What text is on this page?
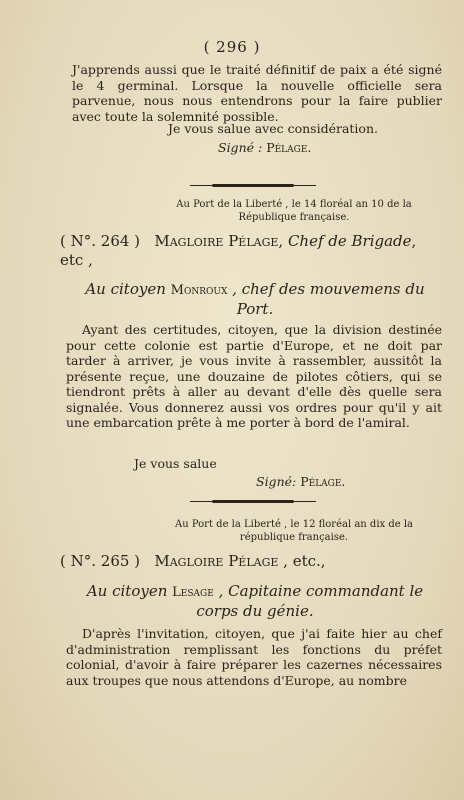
( 296 )

J'apprends aussi que le traité définitif de paix a été signé le 4 germinal. Lorsque la nouvelle officielle sera parvenue, nous nous entendrons pour la faire publier avec toute la solemnité possible.

Je vous salue avec considération.

Signé : Pélage.

Au Port de la Liberté , le 14 floréal an 10 de la République française.

( N°. 264 ) Magloire Pélage, Chef de Brigade, etc ,

Au citoyen Monroux , chef des mouvemens du Port.

Ayant des certitudes, citoyen, que la division destinée pour cette colonie est partie d'Europe, et ne doit par tarder à arriver, je vous invite à rassembler, aussitôt la présente reçue, une douzaine de pilotes côtiers, qui se tiendront prêts à aller au devant d'elle dès quelle sera signalée. Vous donnerez aussi vos ordres pour qu'il y ait une embarcation prête à me porter à bord de l'amiral.

Je vous salue

Signé: Pélage.

Au Port de la Liberté , le 12 floréal an dix de la république française.

( N°. 265 ) Magloire Pélage , etc.,

Au citoyen Lesage , Capitaine commandant le corps du génie.

D'après l'invitation, citoyen, que j'ai faite hier au chef d'administration remplissant les fonctions du préfet colonial, d'avoir à faire préparer les cazernes nécessaires aux troupes que nous attendons d'Europe, au nombre
